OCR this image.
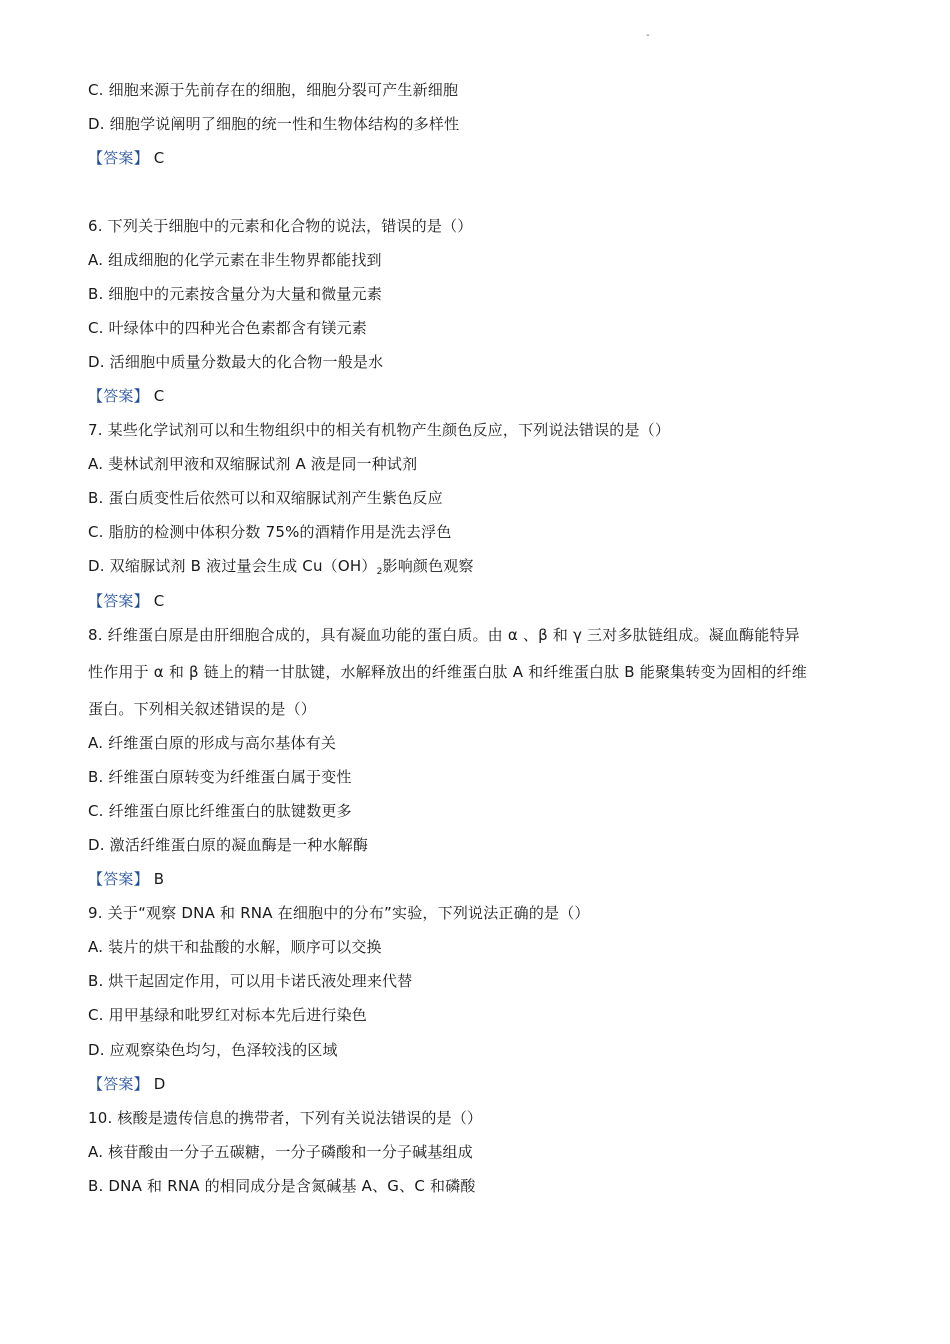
-
C. 细胞来源于先前存在的细胞，细胞分裂可产生新细胞
D. 细胞学说阐明了细胞的统一性和生物体结构的多样性
【答案】 C
6. 下列关于细胞中的元素和化合物的说法，错误的是（）
A. 组成细胞的化学元素在非生物界都能找到
B. 细胞中的元素按含量分为大量和微量元素
C. 叶绿体中的四种光合色素都含有镁元素
D. 活细胞中质量分数最大的化合物一般是水
【答案】 C
7. 某些化学试剂可以和生物组织中的相关有机物产生颜色反应，下列说法错误的是（）
A. 斐林试剂甲液和双缩脲试剂 A 液是同一种试剂
B. 蛋白质变性后依然可以和双缩脲试剂产生紫色反应
C. 脂肪的检测中体积分数 75%的酒精作用是洗去浮色
D. 双缩脲试剂 B 液过量会生成 $Cu(OH)_2$影响颜色观察
【答案】 C
8. 纤维蛋白原是由肝细胞合成的，具有凝血功能的蛋白质。由 α 、β 和 γ 三对多肽链组成。凝血酶能特异
性作用于 α 和 β 链上的精一甘肽键，水解释放出的纤维蛋白肽 A 和纤维蛋白肽 B 能聚集转变为固相的纤维
蛋白。下列相关叙述错误的是（）
A. 纤维蛋白原的形成与高尔基体有关
B. 纤维蛋白原转变为纤维蛋白属于变性
C. 纤维蛋白原比纤维蛋白的肽键数更多
D. 激活纤维蛋白原的凝血酶是一种水解酶
【答案】 B
9. 关于“观察 DNA 和 RNA 在细胞中的分布”实验，下列说法正确的是（）
A. 装片的烘干和盐酸的水解，顺序可以交换
B. 烘干起固定作用，可以用卡诺氏液处理来代替
C. 用甲基绿和吡罗红对标本先后进行染色
D. 应观察染色均匀，色泽较浅的区域
【答案】 D
10. 核酸是遗传信息的携带者，下列有关说法错误的是（）
A. 核苷酸由一分子五碳糖，一分子磷酸和一分子碱基组成
B. DNA 和 RNA 的相同成分是含氮碱基 A、G、C 和磷酸
